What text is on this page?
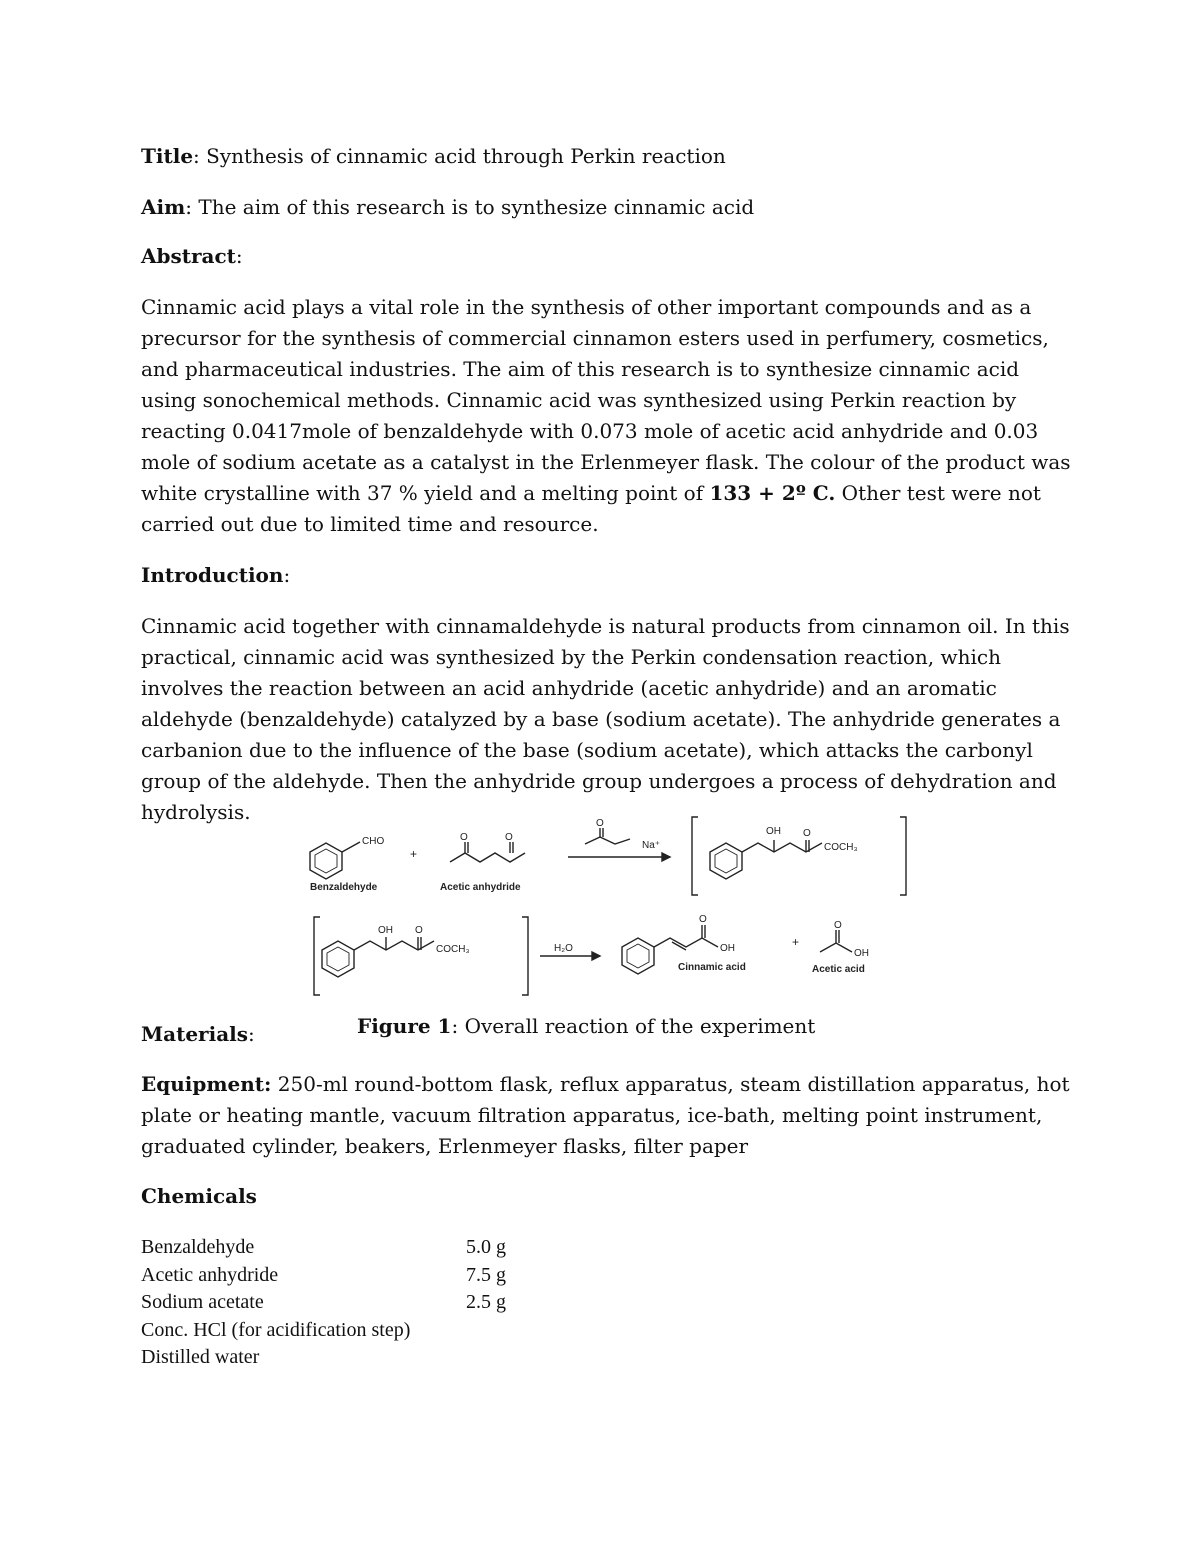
Title: Synthesis of cinnamic acid through Perkin reaction
Aim: The aim of this research is to synthesize cinnamic acid
Abstract:
Cinnamic acid plays a vital role in the synthesis of other important compounds and as a precursor for the synthesis of commercial cinnamon esters used in perfumery, cosmetics, and pharmaceutical industries. The aim of this research is to synthesize cinnamic acid using sonochemical methods. Cinnamic acid was synthesized using Perkin reaction by reacting 0.0417mole of benzaldehyde with 0.073 mole of acetic acid anhydride and 0.03 mole of sodium acetate as a catalyst in the Erlenmeyer flask. The colour of the product was white crystalline with 37 % yield and a melting point of 133 + 2º C. Other test were not carried out due to limited time and resource.
Introduction:
Cinnamic acid together with cinnamaldehyde is natural products from cinnamon oil. In this practical, cinnamic acid was synthesized by the Perkin condensation reaction, which involves the reaction between an acid anhydride (acetic anhydride) and an aromatic aldehyde (benzaldehyde) catalyzed by a base (sodium acetate). The anhydride generates a carbanion due to the influence of the base (sodium acetate), which attacks the carbonyl group of the aldehyde. Then the anhydride group undergoes a process of dehydration and hydrolysis.
CHO
+
Benzaldehyde
O	O
Acetic anhydride
O
Na⁺
OH O
COCH₃
OH O
COCH₃	H₂O
O
OH
Cinnamic acid
+
O
OH
Acetic acid
Materials:	Figure 1: Overall reaction of the experiment
Equipment: 250-ml round-bottom flask, reflux apparatus, steam distillation apparatus, hot plate or heating mantle, vacuum filtration apparatus, ice-bath, melting point instrument, graduated cylinder, beakers, Erlenmeyer flasks, filter paper
Chemicals
Benzaldehyde	5.0 g
Acetic anhydride	7.5 g
Sodium acetate	2.5 g
Conc. HCl (for acidification step)
Distilled water
